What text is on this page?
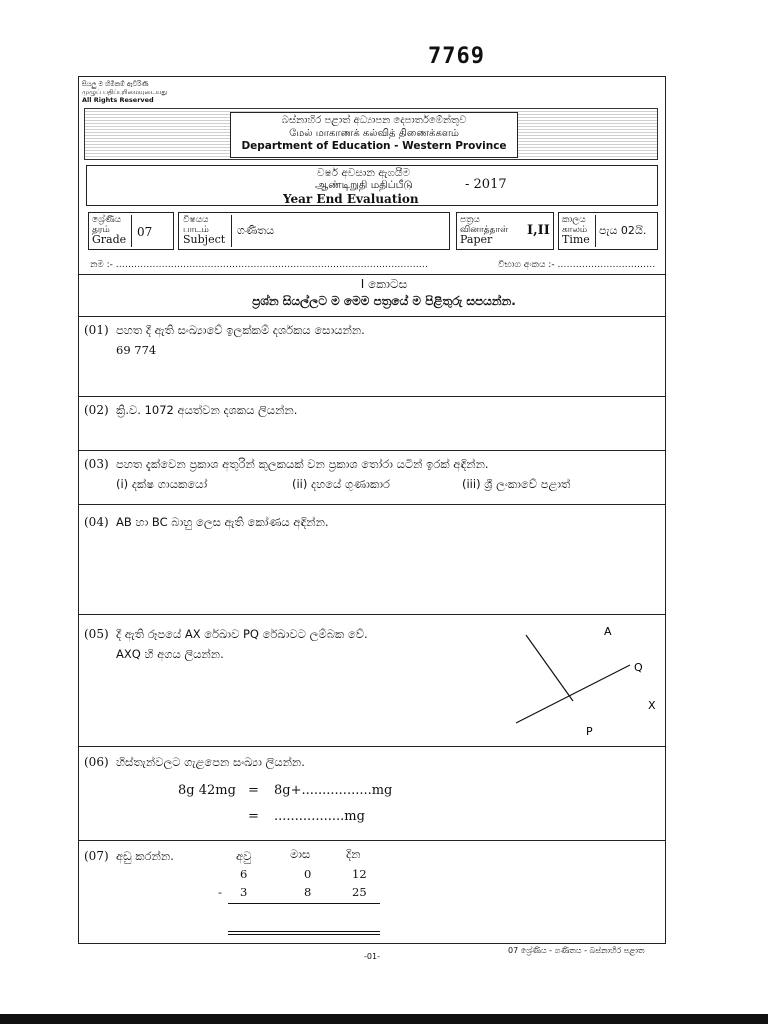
7769
සියලු ම හිමිකම් ඇවිරිණි
முழுப் பதிப்புரிமையுடையது
All Rights Reserved
බස්නාහිර පළාත් අධ්‍යාපන දෙපාර්තමේන්තුව
மேல் மாகாணக் கல்வித் திணைக்களம்
Department of Education - Western Province
වර්ෂ අවසාන ඇගයීම
ஆண்டிறுதி மதிப்பீடு	- 2017
Year End Evaluation
ශ්‍රේණිය
தரம்
Grade
07
විෂයය
பாடம்
Subject
ගණිතය
පත්‍රය
வினாத்தாள்
Paper
I,II
කාලය
காலம்
Time
පැය 02යි.
නම :- ......................................................................................................	විභාග අංකය :- ................................
I කොටස
ප්‍රශ්න සියල්ලට ම මෙම පත්‍රයේ ම පිළිතුරු සපයන්න.
(01) පහත දී ඇති සංඛ්‍යාවේ ඉලක්කම් දර්ශකය සොයන්න.
69 774
(02) ක්‍රි.ව. 1072 අයත්වන දශකය ලියන්න.
(03) පහත දැක්වෙන ප්‍රකාශ අතුරින් කුලකයක් වන ප්‍රකාශ තෝරා යටින් ඉරක් අඳින්න.
(i) දක්ෂ ගායකයෝ	(ii) දහයේ ගුණාකාර	(iii) ශ්‍රී ලංකාවේ පළාත්
(04) AB හා BC බාහු ලෙස ඇති කෝණය අඳින්න.
(05) දී ඇති රූපයේ AX රේඛාව PQ රේඛාවට ලම්බක වේ.
AXQ හි අගය ලියන්න.
A
Q
P
X
(06) හිස්තැන්වලට ගැළපෙන සංඛ්‍යා ලියන්න.
8g 42mg = 8g+.................mg
= .................mg
(07) අඩු කරන්න.	අවු	මාස	දින
6	0	12
- 3	8	25
-01-
07 ශ්‍රේණිය - ගණිතය - බස්නාහිර පළාත
